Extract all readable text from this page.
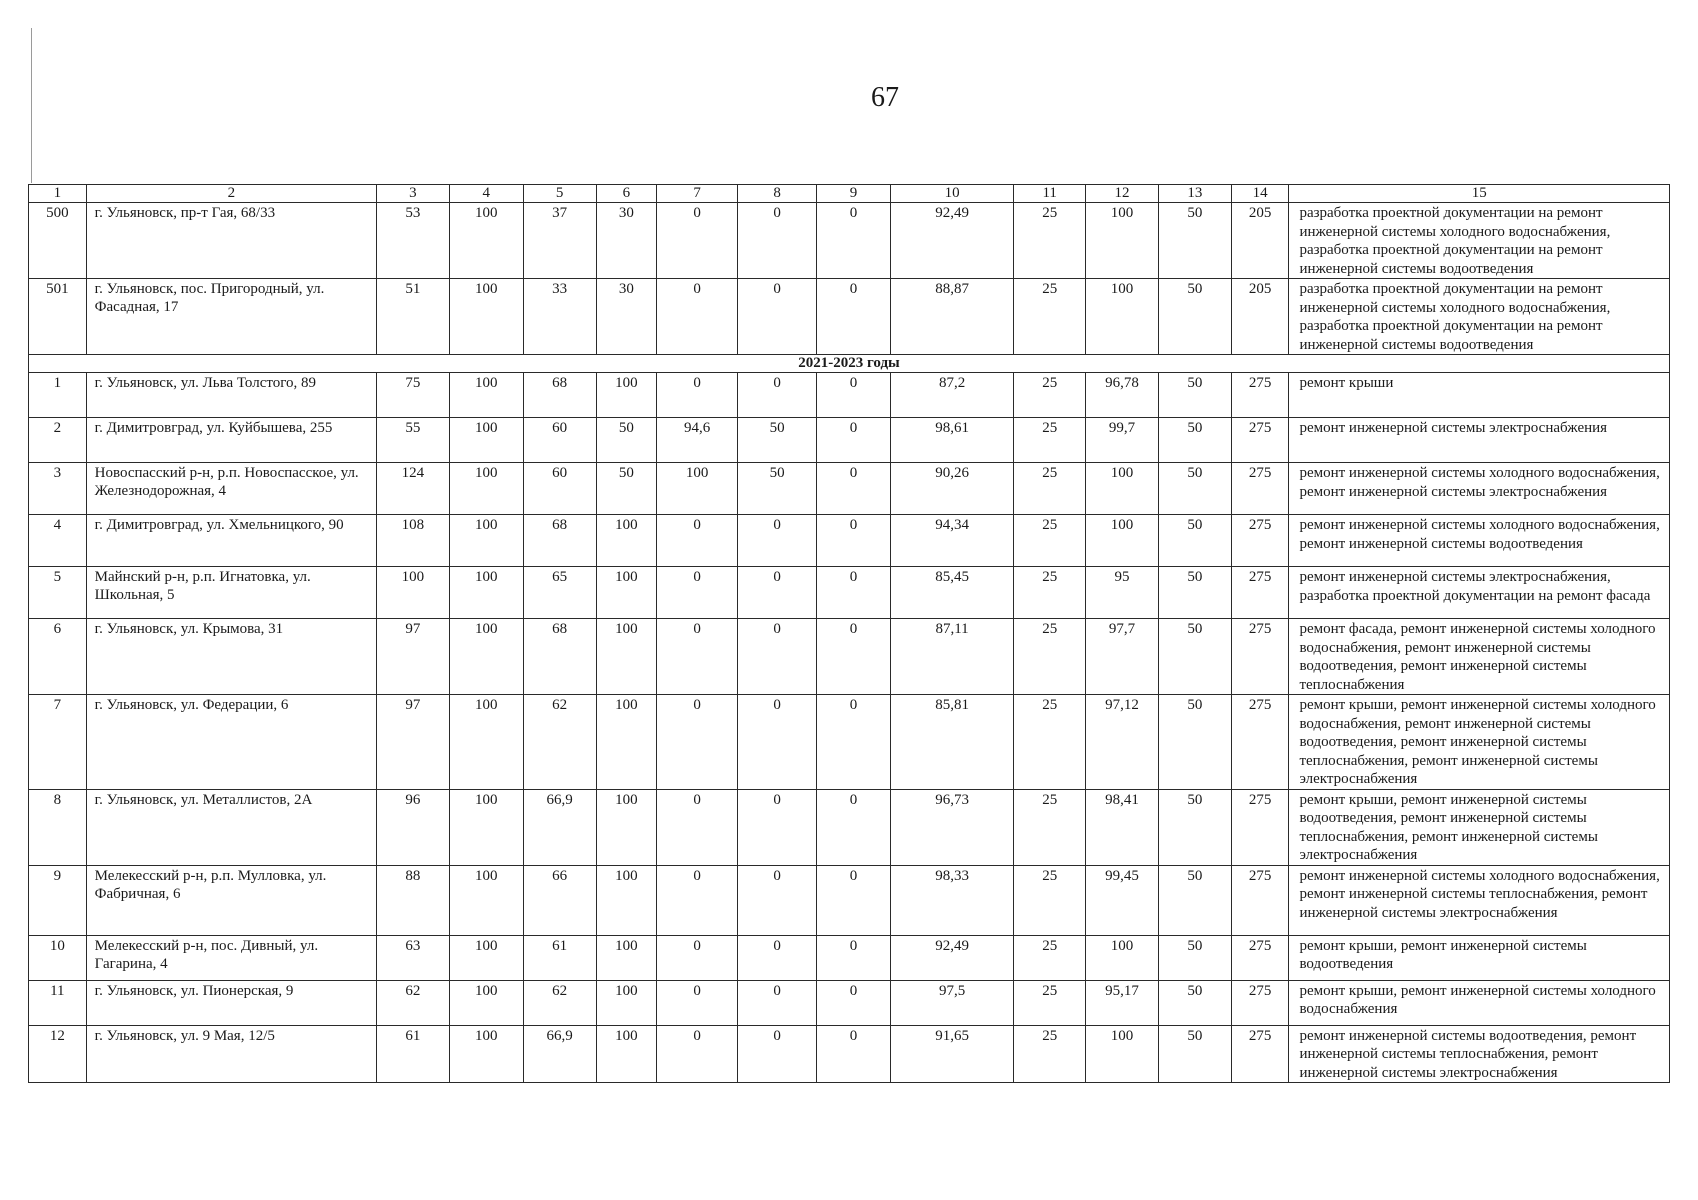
67
1	2	3	4	5	6	7	8	9	10	11	12	13	14	15
500	г. Ульяновск, пр-т Гая, 68/33	53	100	37	30	0	0	0	92,49	25	100	50	205	разработка проектной документации на ремонт инженерной системы холодного водоснабжения, разработка проектной документации на ремонт инженерной системы водоотведения
501	г. Ульяновск, пос. Пригородный, ул. Фасадная, 17	51	100	33	30	0	0	0	88,87	25	100	50	205	разработка проектной документации на ремонт инженерной системы холодного водоснабжения, разработка проектной документации на ремонт инженерной системы водоотведения
2021-2023 годы														
1	г. Ульяновск, ул. Льва Толстого, 89	75	100	68	100	0	0	0	87,2	25	96,78	50	275	ремонт крыши
2	г. Димитровград, ул. Куйбышева, 255	55	100	60	50	94,6	50	0	98,61	25	99,7	50	275	ремонт инженерной системы электроснабжения
3	Новоспасский р-н, р.п. Новоспасское, ул. Железнодорожная, 4	124	100	60	50	100	50	0	90,26	25	100	50	275	ремонт инженерной системы холодного водоснабжения, ремонт инженерной системы электроснабжения
4	г. Димитровград, ул. Хмельницкого, 90	108	100	68	100	0	0	0	94,34	25	100	50	275	ремонт инженерной системы холодного водоснабжения, ремонт инженерной системы водоотведения
5	Майнский р-н, р.п. Игнатовка, ул. Школьная, 5	100	100	65	100	0	0	0	85,45	25	95	50	275	ремонт инженерной системы электроснабжения, разработка проектной документации на ремонт фасада
6	г. Ульяновск, ул. Крымова, 31	97	100	68	100	0	0	0	87,11	25	97,7	50	275	ремонт фасада, ремонт инженерной системы холодного водоснабжения, ремонт инженерной системы водоотведения, ремонт инженерной системы теплоснабжения
7	г. Ульяновск, ул. Федерации, 6	97	100	62	100	0	0	0	85,81	25	97,12	50	275	ремонт крыши, ремонт инженерной системы холодного водоснабжения, ремонт инженерной системы водоотведения, ремонт инженерной системы теплоснабжения, ремонт инженерной системы электроснабжения
8	г. Ульяновск, ул. Металлистов, 2А	96	100	66,9	100	0	0	0	96,73	25	98,41	50	275	ремонт крыши, ремонт инженерной системы водоотведения, ремонт инженерной системы теплоснабжения, ремонт инженерной системы электроснабжения
9	Мелекесский р-н, р.п. Мулловка, ул. Фабричная, 6	88	100	66	100	0	0	0	98,33	25	99,45	50	275	ремонт инженерной системы холодного водоснабжения, ремонт инженерной системы теплоснабжения, ремонт инженерной системы электроснабжения
10	Мелекесский р-н, пос. Дивный, ул. Гагарина, 4	63	100	61	100	0	0	0	92,49	25	100	50	275	ремонт крыши, ремонт инженерной системы водоотведения
11	г. Ульяновск, ул. Пионерская, 9	62	100	62	100	0	0	0	97,5	25	95,17	50	275	ремонт крыши, ремонт инженерной системы холодного водоснабжения
12	г. Ульяновск, ул. 9 Мая, 12/5	61	100	66,9	100	0	0	0	91,65	25	100	50	275	ремонт инженерной системы водоотведения, ремонт инженерной системы теплоснабжения, ремонт инженерной системы электроснабжения
